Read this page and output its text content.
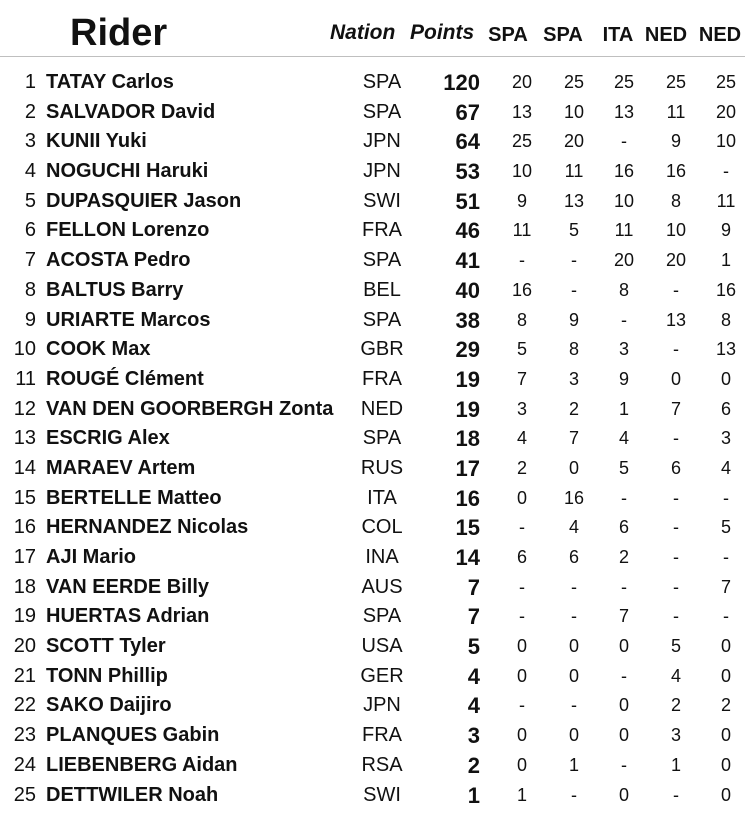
Rider	Nation Points SPA SPA ITA NED NED
1 TATAY Carlos	SPA	120	20	25	25	25	25
2 SALVADOR David	SPA	67	13	10	13	11	20
3 KUNII Yuki	JPN	64	25	20	-	9	10
4 NOGUCHI Haruki	JPN	53	10	11	16	16	-
5 DUPASQUIER Jason	SWI	51	9	13	10	8	11
6 FELLON Lorenzo	FRA	46	11	5	11	10	9
7 ACOSTA Pedro	SPA	41	-	-	20	20	1
8 BALTUS Barry	BEL	40	16	-	8	-	16
9 URIARTE Marcos	SPA	38	8	9	-	13	8
10 COOK Max	GBR	29	5	8	3	-	13
11 ROUGÉ Clément	FRA	19	7	3	9	0	0
12 VAN DEN GOORBERGH Zonta	NED	19	3	2	1	7	6
13 ESCRIG Alex	SPA	18	4	7	4	-	3
14 MARAEV Artem	RUS	17	2	0	5	6	4
15 BERTELLE Matteo	ITA	16	0	16	-	-	-
16 HERNANDEZ Nicolas	COL	15	-	4	6	-	5
17 AJI Mario	INA	14	6	6	2	-	-
18 VAN EERDE Billy	AUS	7	-	-	-	-	7
19 HUERTAS Adrian	SPA	7	-	-	7	-	-
20 SCOTT Tyler	USA	5	0	0	0	5	0
21 TONN Phillip	GER	4	0	0	-	4	0
22 SAKO Daijiro	JPN	4	-	-	0	2	2
23 PLANQUES Gabin	FRA	3	0	0	0	3	0
24 LIEBENBERG Aidan	RSA	2	0	1	-	1	0
25 DETTWILER Noah	SWI	1	1	-	0	-	0
